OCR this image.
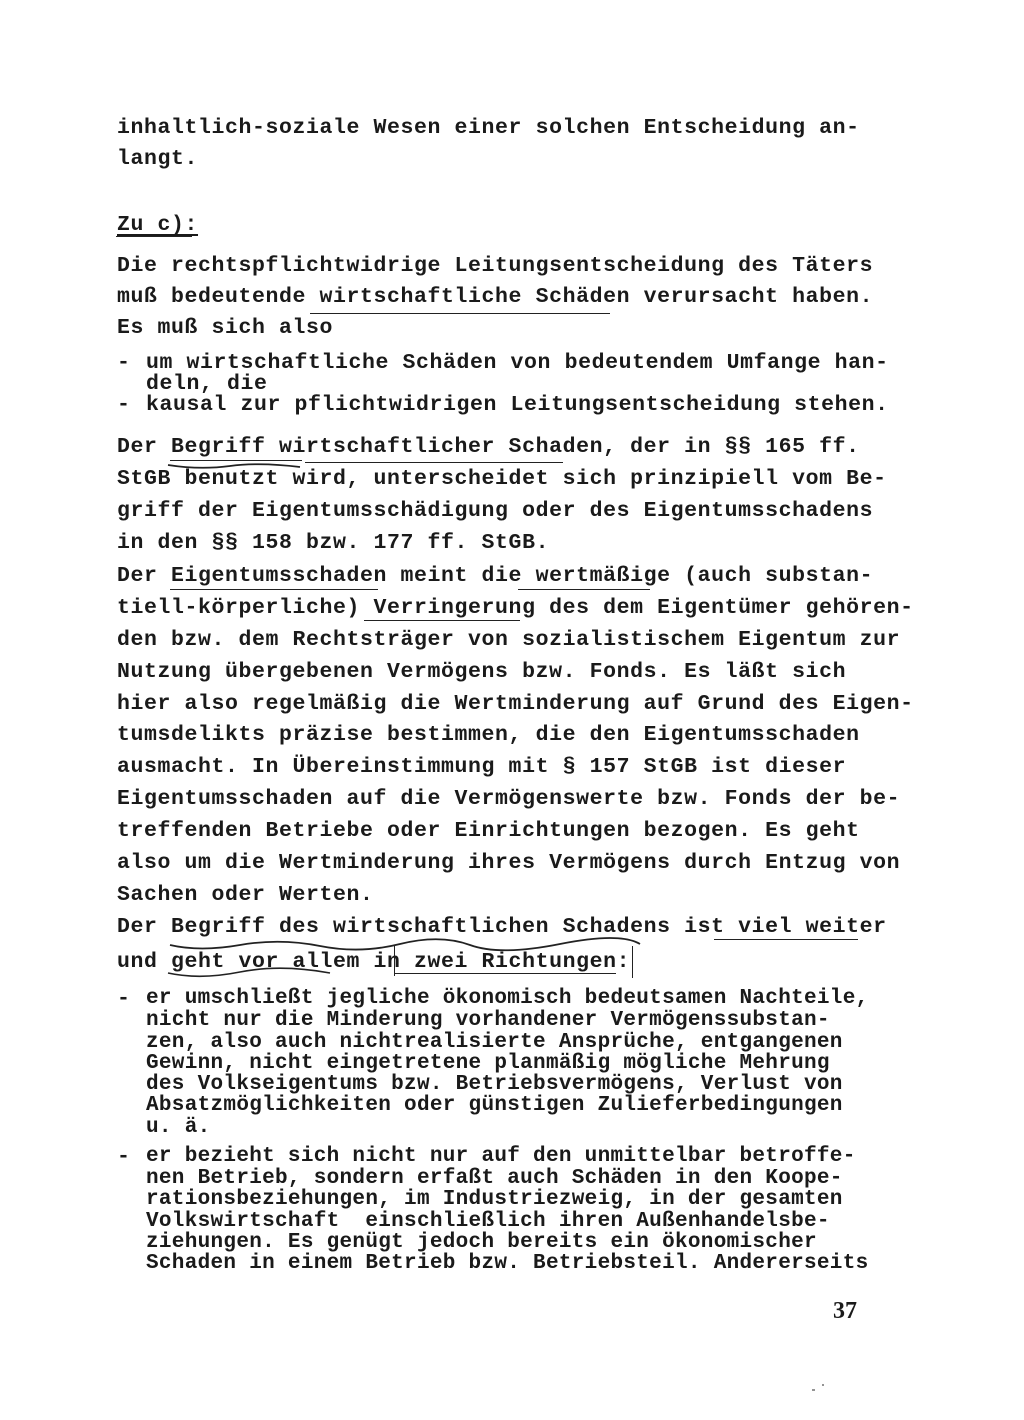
inhaltlich-soziale Wesen einer solchen Entscheidung an-
langt.
Zu c):
Die rechtspflichtwidrige Leitungsentscheidung des Täters
muß bedeutende wirtschaftliche Schäden verursacht haben.
Es muß sich also
- um wirtschaftliche Schäden von bedeutendem Umfange han-
deln, die
- kausal zur pflichtwidrigen Leitungsentscheidung stehen.
Der Begriff wirtschaftlicher Schaden, der in §§ 165 ff.
StGB benutzt wird, unterscheidet sich prinzipiell vom Be-
griff der Eigentumsschädigung oder des Eigentumsschadens
in den §§ 158 bzw. 177 ff. StGB.
Der Eigentumsschaden meint die wertmäßige (auch substan-
tiell-körperliche) Verringerung des dem Eigentümer gehören-
den bzw. dem Rechtsträger von sozialistischem Eigentum zur
Nutzung übergebenen Vermögens bzw. Fonds. Es läßt sich
hier also regelmäßig die Wertminderung auf Grund des Eigen-
tumsdelikts präzise bestimmen, die den Eigentumsschaden
ausmacht. In Übereinstimmung mit § 157 StGB ist dieser
Eigentumsschaden auf die Vermögenswerte bzw. Fonds der be-
treffenden Betriebe oder Einrichtungen bezogen. Es geht
also um die Wertminderung ihres Vermögens durch Entzug von
Sachen oder Werten.
Der Begriff des wirtschaftlichen Schadens ist viel weiter
und geht vor allem in zwei Richtungen:
- er umschließt jegliche ökonomisch bedeutsamen Nachteile,
nicht nur die Minderung vorhandener Vermögenssubstan-
zen, also auch nichtrealisierte Ansprüche, entgangenen
Gewinn, nicht eingetretene planmäßig mögliche Mehrung
des Volkseigentums bzw. Betriebsvermögens, Verlust von
Absatzmöglichkeiten oder günstigen Zulieferbedingungen
u. ä.
- er bezieht sich nicht nur auf den unmittelbar betroffe-
nen Betrieb, sondern erfaßt auch Schäden in den Koope-
rationsbeziehungen, im Industriezweig, in der gesamten
Volkswirtschaft  einschließlich ihren Außenhandelsbe-
ziehungen. Es genügt jedoch bereits ein ökonomischer
Schaden in einem Betrieb bzw. Betriebsteil. Andererseits
37
